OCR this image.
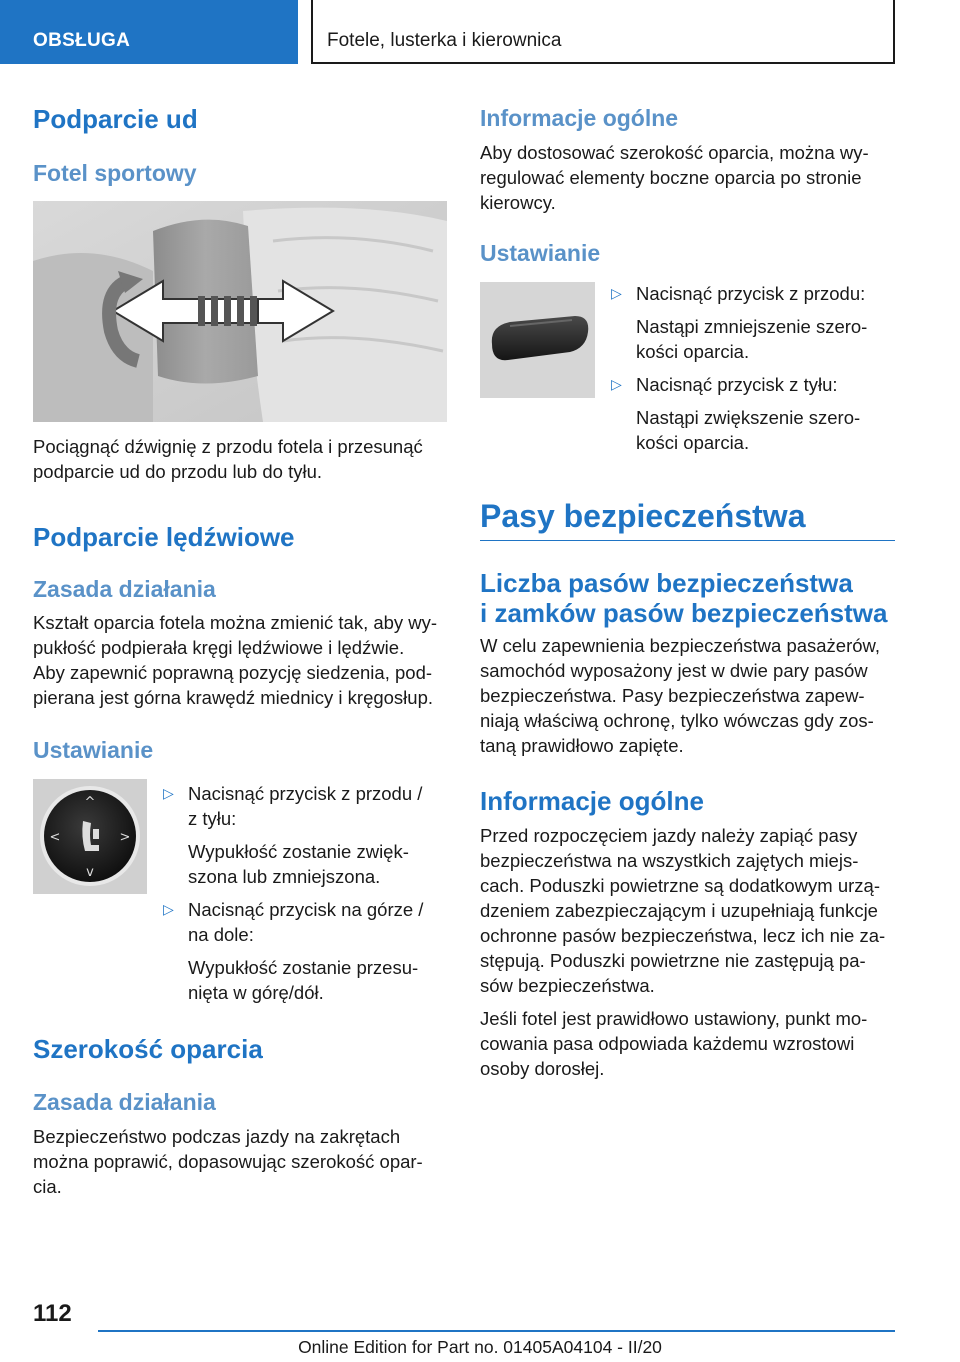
OBSŁUGA	Fotele, lusterka i kierownica
Podparcie ud
Fotel sportowy
Pociągnąć dźwignię z przodu fotela i przesunąć
podparcie ud do przodu lub do tyłu.
Podparcie lędźwiowe
Zasada działania
Kształt oparcia fotela można zmienić tak, aby wy-
pukłość podpierała kręgi lędźwiowe i lędźwie.
Aby zapewnić poprawną pozycję siedzenia, pod-
pierana jest górna krawędź miednicy i kręgosłup.
Ustawianie
^
v
<	>
▷ Nacisnąć przycisk z przodu /
z tyłu:
Wypukłość zostanie zwięk-
szona lub zmniejszona.
▷ Nacisnąć przycisk na górze /
na dole:
Wypukłość zostanie przesu-
nięta w górę/dół.
Szerokość oparcia
Zasada działania
Bezpieczeństwo podczas jazdy na zakrętach
można poprawić, dopasowując szerokość opar-
cia.
Informacje ogólne
Aby dostosować szerokość oparcia, można wy-
regulować elementy boczne oparcia po stronie
kierowcy.
Ustawianie
▷ Nacisnąć przycisk z przodu:
Nastąpi zmniejszenie szero-
kości oparcia.
▷ Nacisnąć przycisk z tyłu:
Nastąpi zwiększenie szero-
kości oparcia.
Pasy bezpieczeństwa
Liczba pasów bezpieczeństwa
i zamków pasów bezpieczeństwa
W celu zapewnienia bezpieczeństwa pasażerów,
samochód wyposażony jest w dwie pary pasów
bezpieczeństwa. Pasy bezpieczeństwa zapew-
niają właściwą ochronę, tylko wówczas gdy zos-
taną prawidłowo zapięte.
Informacje ogólne
Przed rozpoczęciem jazdy należy zapiąć pasy
bezpieczeństwa na wszystkich zajętych miejs-
cach. Poduszki powietrzne są dodatkowym urzą-
dzeniem zabezpieczającym i uzupełniają funkcje
ochronne pasów bezpieczeństwa, lecz ich nie za-
stępują. Poduszki powietrzne nie zastępują pa-
sów bezpieczeństwa.
Jeśli fotel jest prawidłowo ustawiony, punkt mo-
cowania pasa odpowiada każdemu wzrostowi
osoby dorosłej.
112
Online Edition for Part no. 01405A04104 - II/20
